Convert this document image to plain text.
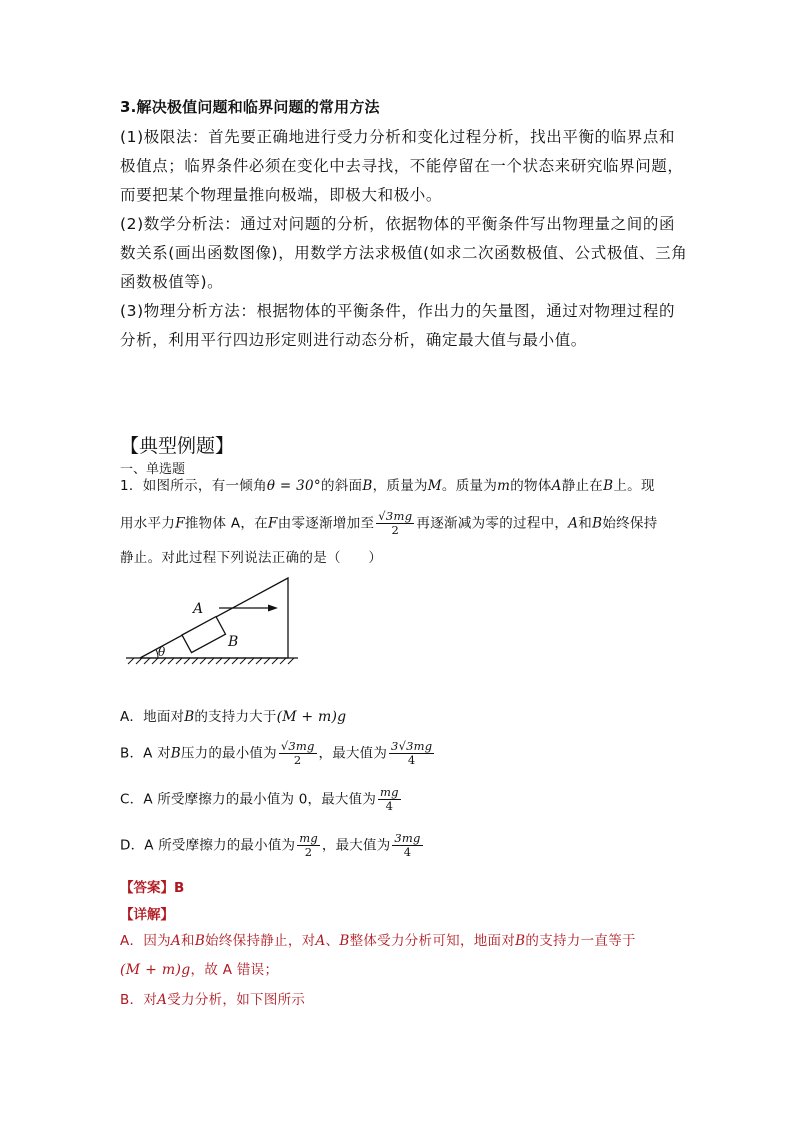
3.解决极值问题和临界问题的常用方法
(1)极限法：首先要正确地进行受力分析和变化过程分析，找出平衡的临界点和
极值点；临界条件必须在变化中去寻找，不能停留在一个状态来研究临界问题，
而要把某个物理量推向极端，即极大和极小。
(2)数学分析法：通过对问题的分析，依据物体的平衡条件写出物理量之间的函
数关系(画出函数图像)，用数学方法求极值(如求二次函数极值、公式极值、三角
函数极值等)。
(3)物理分析方法：根据物体的平衡条件，作出力的矢量图，通过对物理过程的
分析，利用平行四边形定则进行动态分析，确定最大值与最小值。
【典型例题】
一、单选题
1．如图所示，有一倾角θ = 30°的斜面B，质量为M。质量为m的物体A静止在B上。现
用水平力F推物体 A，在F由零逐渐增加至 $\frac{√3mg}{2}$ 再逐渐减为零的过程中，A和B始终保持
静止。对此过程下列说法正确的是（　　）
A
B
θ
A．地面对B的支持力大于(M + m)g
B．A 对B压力的最小值为 $\frac{√3mg}{2}$ ，最大值为 $\frac{3√3mg}{4}$
C．A 所受摩擦力的最小值为 0，最大值为 $\frac{mg}{4}$
D．A 所受摩擦力的最小值为 $\frac{mg}{2}$ ，最大值为 $\frac{3mg}{4}$
【答案】B
【详解】
A．因为A和B始终保持静止，对A、B整体受力分析可知，地面对B的支持力一直等于
(M + m)g，故 A 错误；
B．对A受力分析，如下图所示
